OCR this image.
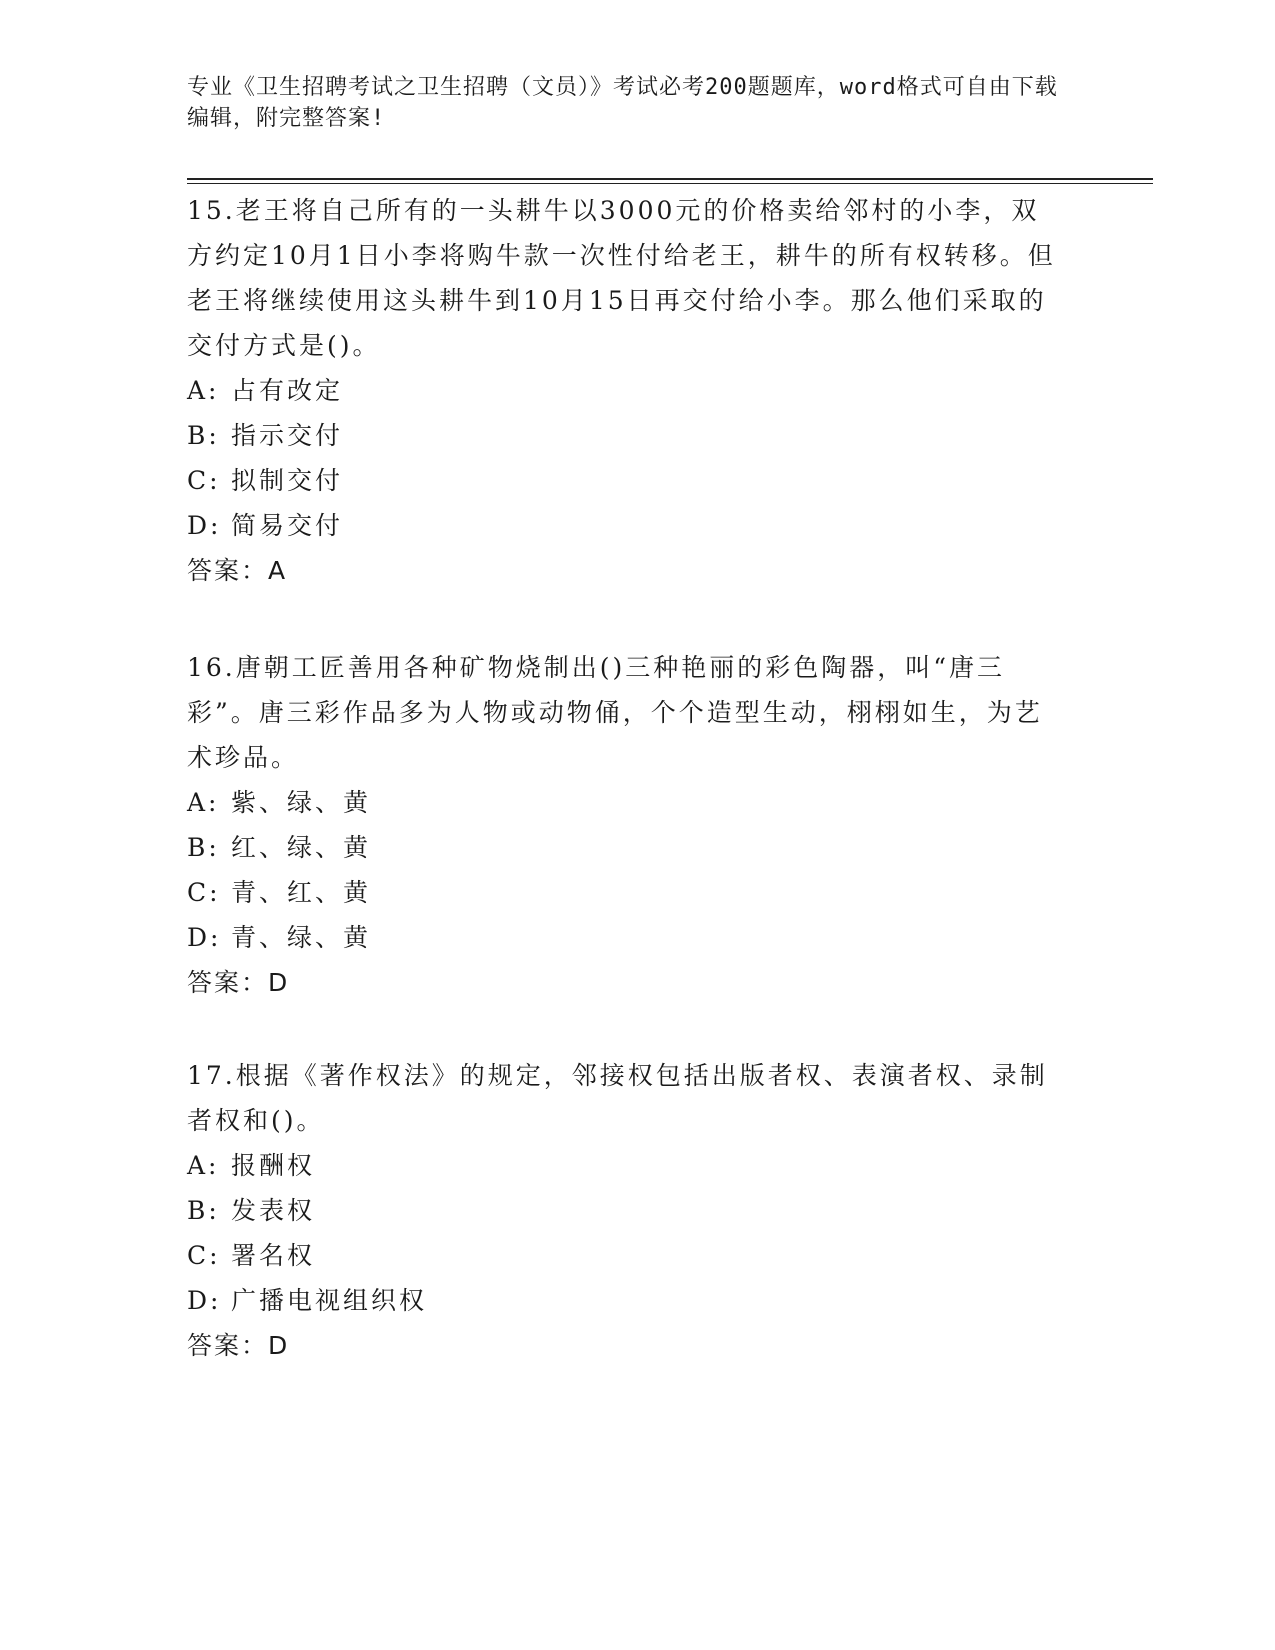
专业《卫生招聘考试之卫生招聘（文员）》考试必考200题题库，word格式可自由下载编辑，附完整答案!
15.老王将自己所有的一头耕牛以3000元的价格卖给邻村的小李，双方约定10月1日小李将购牛款一次性付给老王，耕牛的所有权转移。但老王将继续使用这头耕牛到10月15日再交付给小李。那么他们采取的交付方式是()。
A: 占有改定
B: 指示交付
C: 拟制交付
D: 简易交付
答案：A
16.唐朝工匠善用各种矿物烧制出()三种艳丽的彩色陶器，叫“唐三彩”。唐三彩作品多为人物或动物俑，个个造型生动，栩栩如生，为艺术珍品。
A: 紫、绿、黄
B: 红、绿、黄
C: 青、红、黄
D: 青、绿、黄
答案：D
17.根据《著作权法》的规定，邻接权包括出版者权、表演者权、录制者权和()。
A: 报酬权
B: 发表权
C: 署名权
D: 广播电视组织权
答案：D
